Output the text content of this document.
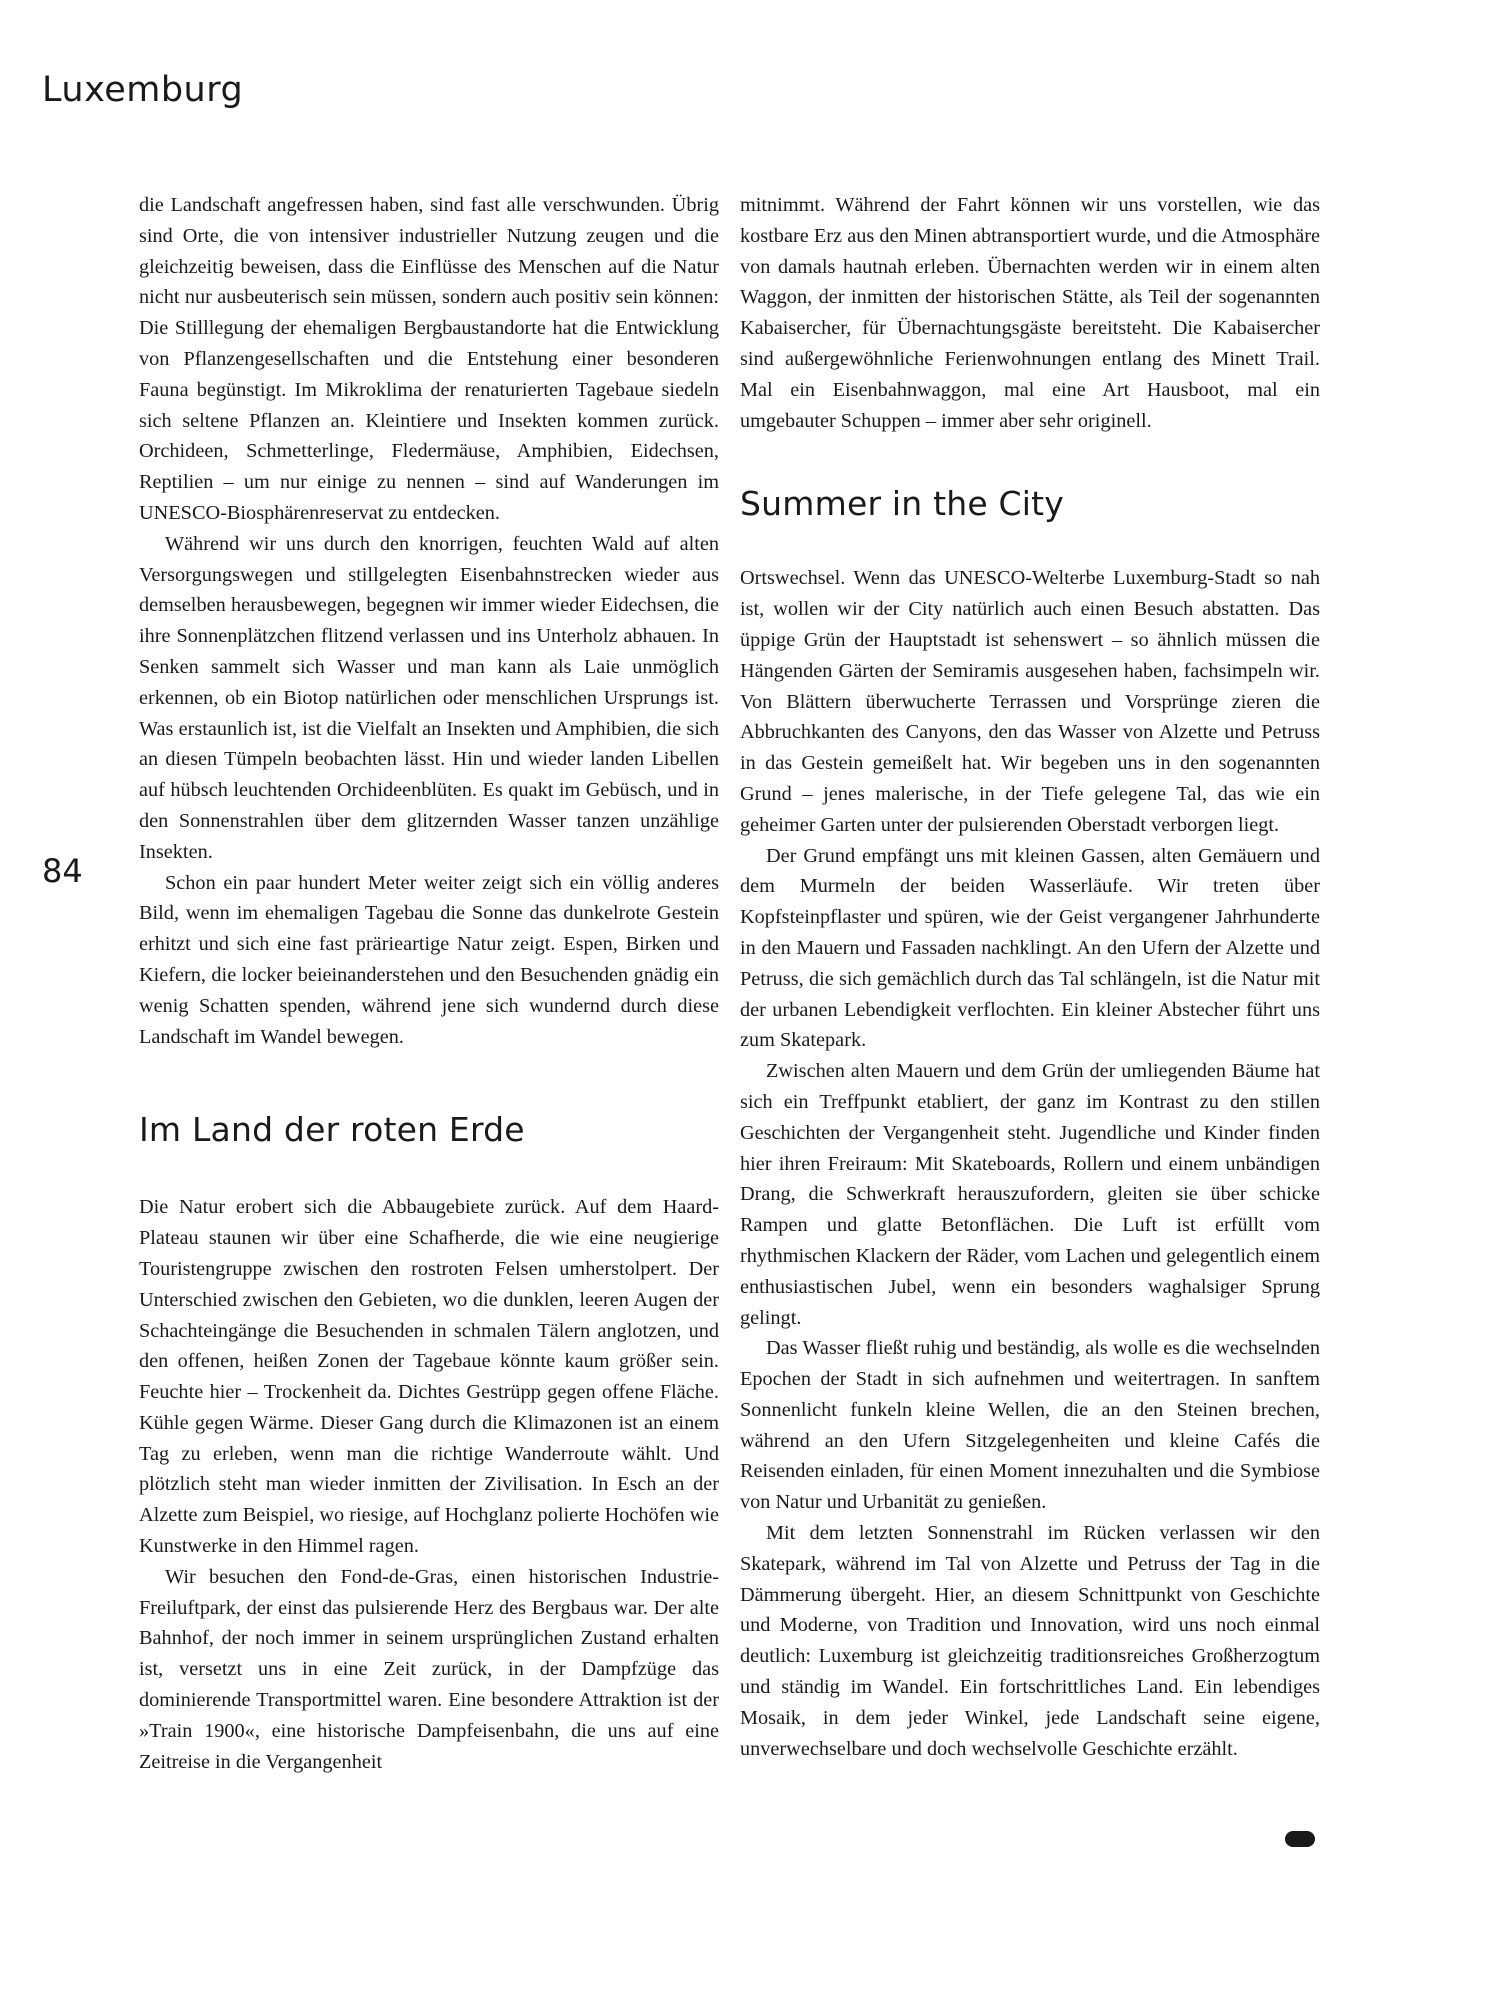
Luxemburg
84

die Landschaft angefressen haben, sind fast alle verschwunden. Übrig sind Orte, die von intensiver industrieller Nutzung zeugen und die gleichzeitig beweisen, dass die Einflüsse des Menschen auf die Natur nicht nur ausbeuterisch sein müssen, sondern auch positiv sein können: Die Stilllegung der ehemaligen Bergbaustandorte hat die Entwicklung von Pflanzengesellschaften und die Entstehung einer besonderen Fauna begünstigt. Im Mikroklima der renaturierten Tagebaue siedeln sich seltene Pflanzen an. Kleintiere und Insekten kommen zurück. Orchideen, Schmetterlinge, Fledermäuse, Amphibien, Eidechsen, Reptilien – um nur einige zu nennen – sind auf Wanderungen im UNESCO-Biosphärenreservat zu entdecken.

Während wir uns durch den knorrigen, feuchten Wald auf alten Versorgungswegen und stillgelegten Eisenbahnstrecken wieder aus demselben herausbewegen, begegnen wir immer wieder Eidechsen, die ihre Sonnenplätzchen flitzend verlassen und ins Unterholz abhauen. In Senken sammelt sich Wasser und man kann als Laie unmöglich erkennen, ob ein Biotop natürlichen oder menschlichen Ursprungs ist. Was erstaunlich ist, ist die Vielfalt an Insekten und Amphibien, die sich an diesen Tümpeln beobachten lässt. Hin und wieder landen Libellen auf hübsch leuchtenden Orchideenblüten. Es quakt im Gebüsch, und in den Sonnenstrahlen über dem glitzernden Wasser tanzen unzählige Insekten.

Schon ein paar hundert Meter weiter zeigt sich ein völlig anderes Bild, wenn im ehemaligen Tagebau die Sonne das dunkelrote Gestein erhitzt und sich eine fast prärieartige Natur zeigt. Espen, Birken und Kiefern, die locker beieinanderstehen und den Besuchenden gnädig ein wenig Schatten spenden, während jene sich wundernd durch diese Landschaft im Wandel bewegen.

Im Land der roten Erde

Die Natur erobert sich die Abbaugebiete zurück. Auf dem Haard-Plateau staunen wir über eine Schafherde, die wie eine neugierige Touristengruppe zwischen den rostroten Felsen umherstolpert. Der Unterschied zwischen den Gebieten, wo die dunklen, leeren Augen der Schachteingänge die Besuchenden in schmalen Tälern anglotzen, und den offenen, heißen Zonen der Tagebaue könnte kaum größer sein. Feuchte hier – Trockenheit da. Dichtes Gestrüpp gegen offene Fläche. Kühle gegen Wärme. Dieser Gang durch die Klimazonen ist an einem Tag zu erleben, wenn man die richtige Wanderroute wählt. Und plötzlich steht man wieder inmitten der Zivilisation. In Esch an der Alzette zum Beispiel, wo riesige, auf Hochglanz polierte Hochöfen wie Kunstwerke in den Himmel ragen.

Wir besuchen den Fond-de-Gras, einen historischen Industrie-Freiluftpark, der einst das pulsierende Herz des Bergbaus war. Der alte Bahnhof, der noch immer in seinem ursprünglichen Zustand erhalten ist, versetzt uns in eine Zeit zurück, in der Dampfzüge das dominierende Transportmittel waren. Eine besondere Attraktion ist der »Train 1900«, eine historische Dampfeisenbahn, die uns auf eine Zeitreise in die Vergangenheit

mitnimmt. Während der Fahrt können wir uns vorstellen, wie das kostbare Erz aus den Minen abtransportiert wurde, und die Atmosphäre von damals hautnah erleben. Übernachten werden wir in einem alten Waggon, der inmitten der historischen Stätte, als Teil der sogenannten Kabaisercher, für Übernachtungsgäste bereitsteht. Die Kabaisercher sind außergewöhnliche Ferienwohnungen entlang des Minett Trail. Mal ein Eisenbahnwaggon, mal eine Art Hausboot, mal ein umgebauter Schuppen – immer aber sehr originell.

Summer in the City

Ortswechsel. Wenn das UNESCO-Welterbe Luxemburg-Stadt so nah ist, wollen wir der City natürlich auch einen Besuch abstatten. Das üppige Grün der Hauptstadt ist sehenswert – so ähnlich müssen die Hängenden Gärten der Semiramis ausgesehen haben, fachsimpeln wir. Von Blättern überwucherte Terrassen und Vorsprünge zieren die Abbruchkanten des Canyons, den das Wasser von Alzette und Petruss in das Gestein gemeißelt hat. Wir begeben uns in den sogenannten Grund – jenes malerische, in der Tiefe gelegene Tal, das wie ein geheimer Garten unter der pulsierenden Oberstadt verborgen liegt.

Der Grund empfängt uns mit kleinen Gassen, alten Gemäuern und dem Murmeln der beiden Wasserläufe. Wir treten über Kopfsteinpflaster und spüren, wie der Geist vergangener Jahrhunderte in den Mauern und Fassaden nachklingt. An den Ufern der Alzette und Petruss, die sich gemächlich durch das Tal schlängeln, ist die Natur mit der urbanen Lebendigkeit verflochten. Ein kleiner Abstecher führt uns zum Skatepark.

Zwischen alten Mauern und dem Grün der umliegenden Bäume hat sich ein Treffpunkt etabliert, der ganz im Kontrast zu den stillen Geschichten der Vergangenheit steht. Jugendliche und Kinder finden hier ihren Freiraum: Mit Skateboards, Rollern und einem unbändigen Drang, die Schwerkraft herauszufordern, gleiten sie über schicke Rampen und glatte Betonflächen. Die Luft ist erfüllt vom rhythmischen Klackern der Räder, vom Lachen und gelegentlich einem enthusiastischen Jubel, wenn ein besonders waghalsiger Sprung gelingt.

Das Wasser fließt ruhig und beständig, als wolle es die wechselnden Epochen der Stadt in sich aufnehmen und weitertragen. In sanftem Sonnenlicht funkeln kleine Wellen, die an den Steinen brechen, während an den Ufern Sitzgelegenheiten und kleine Cafés die Reisenden einladen, für einen Moment innezuhalten und die Symbiose von Natur und Urbanität zu genießen.

Mit dem letzten Sonnenstrahl im Rücken verlassen wir den Skatepark, während im Tal von Alzette und Petruss der Tag in die Dämmerung übergeht. Hier, an diesem Schnittpunkt von Geschichte und Moderne, von Tradition und Innovation, wird uns noch einmal deutlich: Luxemburg ist gleichzeitig traditionsreiches Großherzogtum und ständig im Wandel. Ein fortschrittliches Land. Ein lebendiges Mosaik, in dem jeder Winkel, jede Landschaft seine eigene, unverwechselbare und doch wechselvolle Geschichte erzählt.
